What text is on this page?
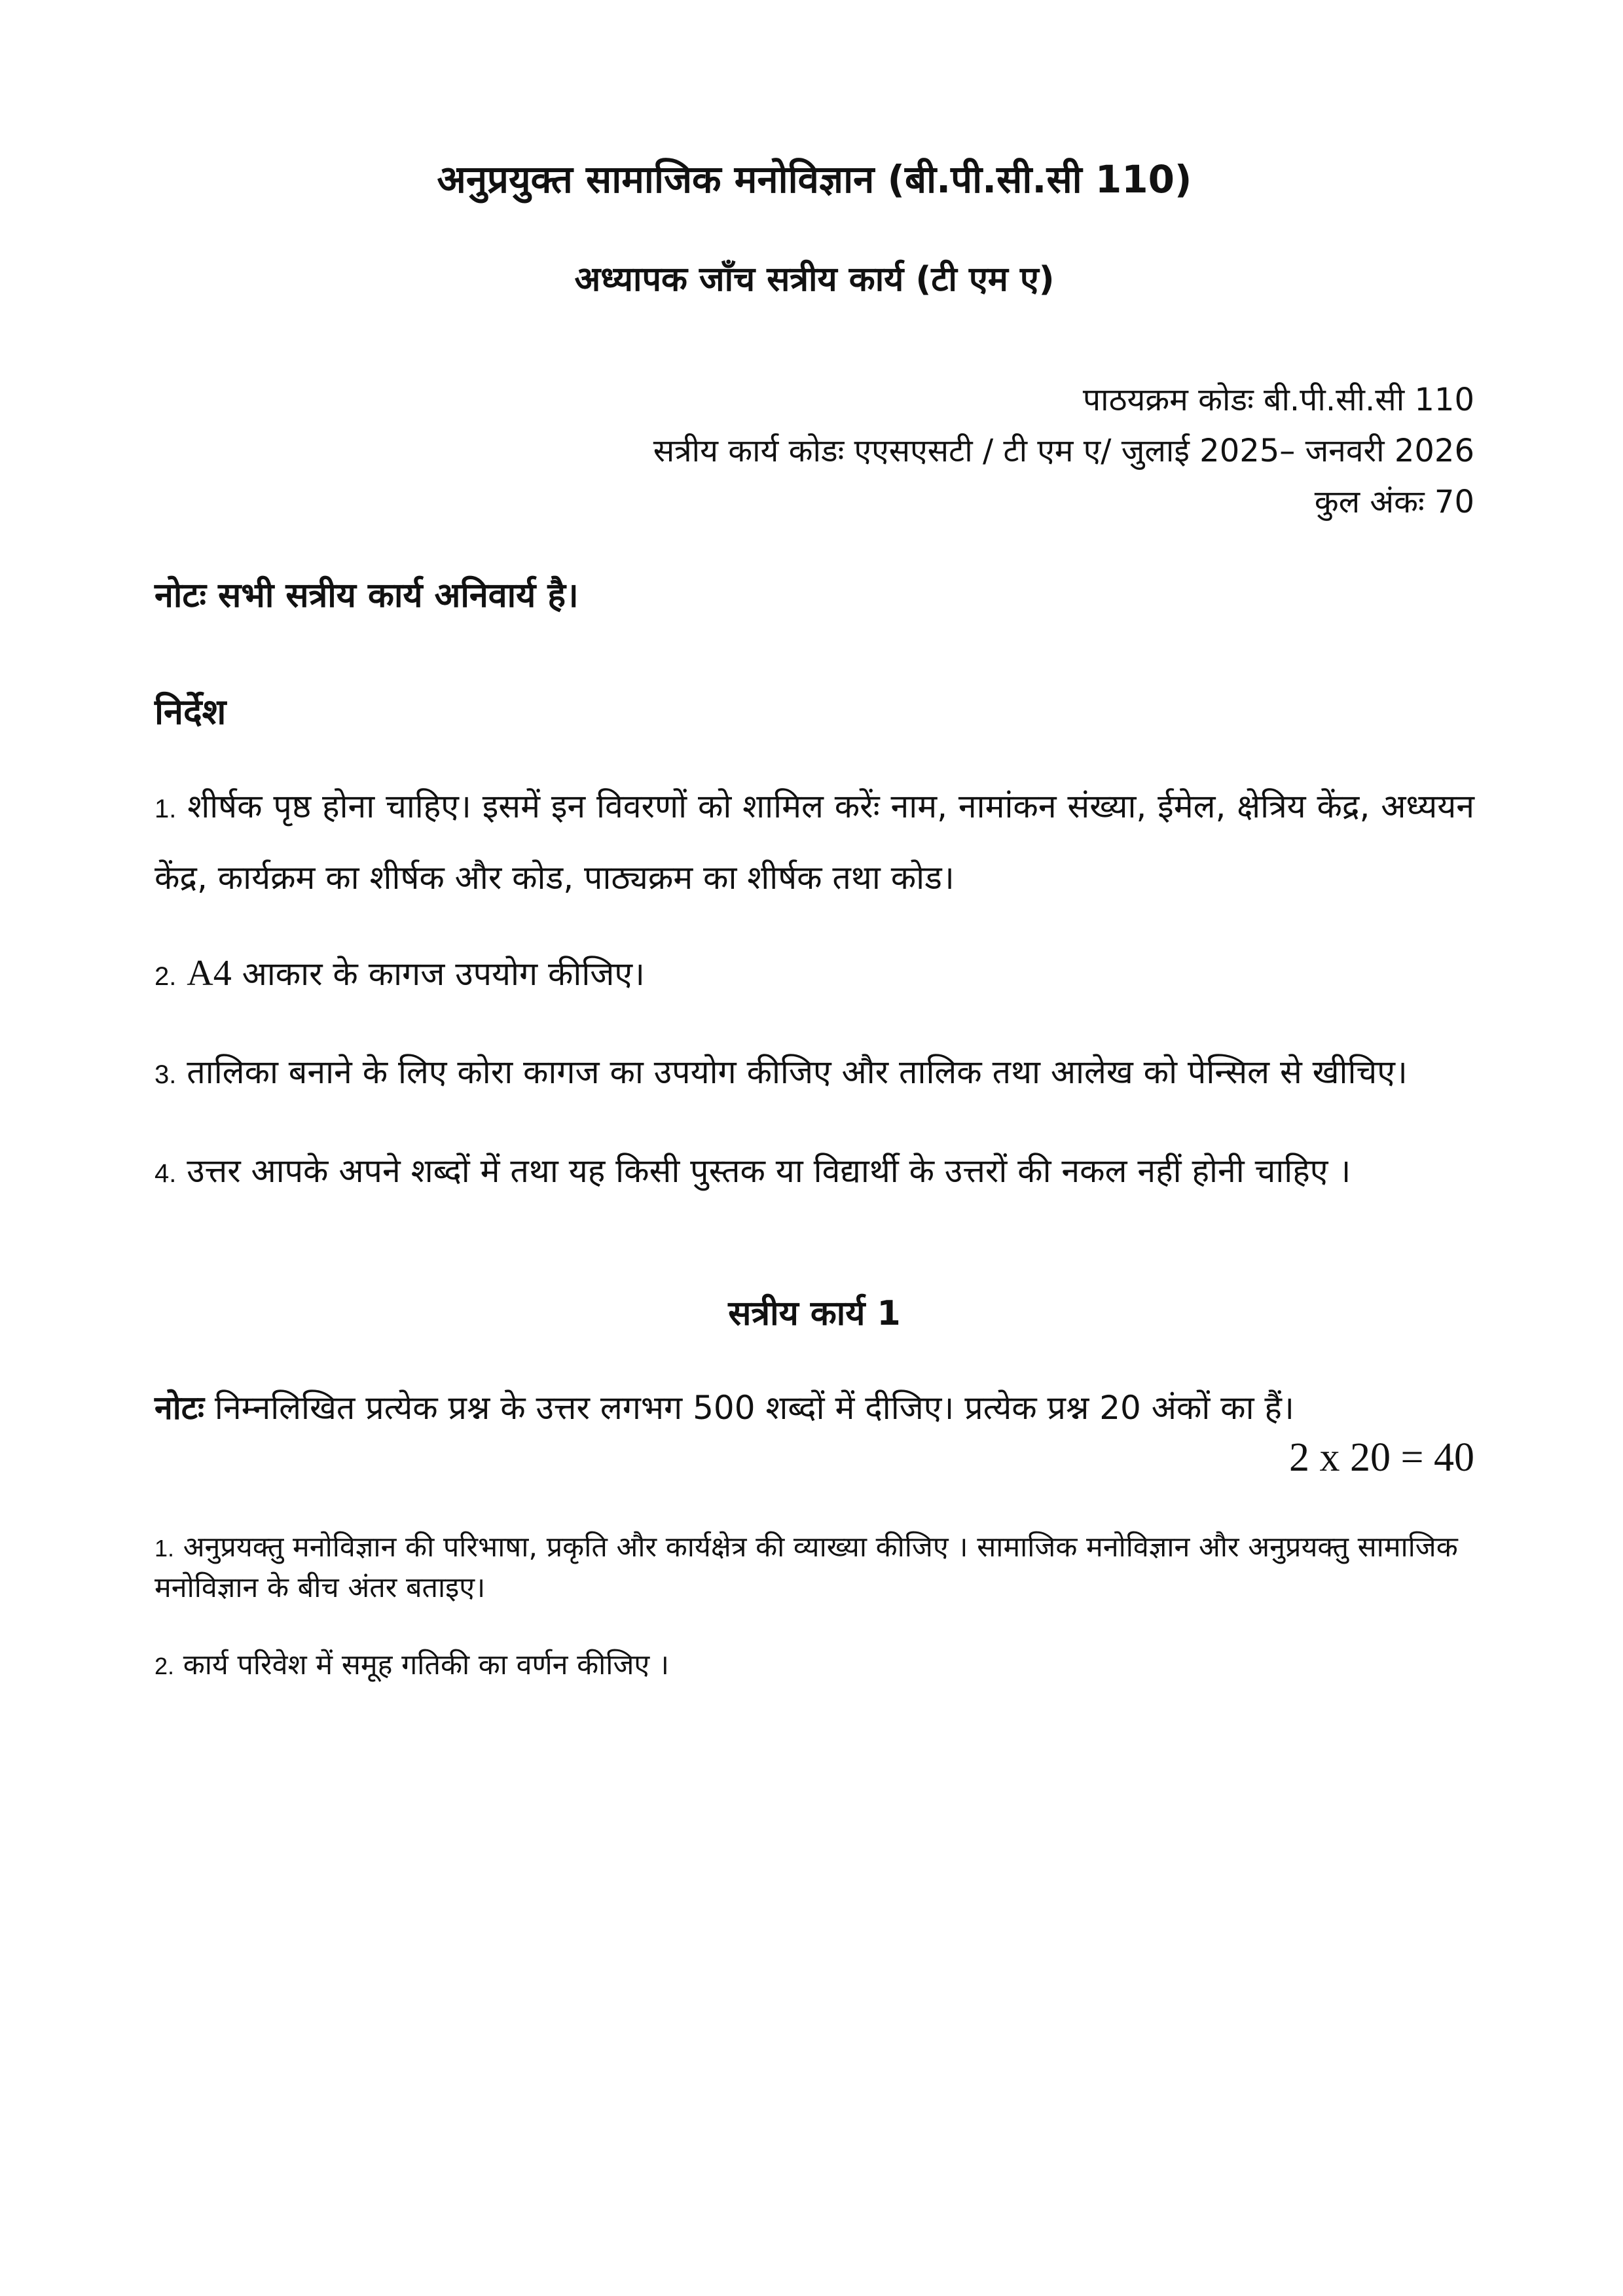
अनुप्रयुक्त सामाजिक मनोविज्ञान (बी.पी.सी.सी 110)
अध्यापक जाँच सत्रीय कार्य (टी एम ए)
पाठयक्रम कोडः बी.पी.सी.सी 110
सत्रीय कार्य कोडः एएसएसटी / टी एम ए/ जुलाई 2025– जनवरी 2026
कुल अंकः 70
नोटः सभी सत्रीय कार्य अनिवार्य है।
निर्देश
1. शीर्षक पृष्ठ होना चाहिए। इसमें इन विवरणों को शामिल करेंः नाम, नामांकन संख्या, ईमेल, क्षेत्रिय केंद्र, अध्ययन केंद्र, कार्यक्रम का शीर्षक और कोड, पाठ्यक्रम का शीर्षक तथा कोड।
2. A4 आकार के कागज उपयोग कीजिए।
3. तालिका बनाने के लिए कोरा कागज का उपयोग कीजिए और तालिक तथा आलेख को पेन्सिल से खीचिए।
4. उत्तर आपके अपने शब्दों में तथा यह किसी पुस्तक या विद्यार्थी के उत्तरों की नकल नहीं होनी चाहिए ।
सत्रीय कार्य 1
नोटः निम्नलिखित प्रत्येक प्रश्न के उत्तर लगभग 500 शब्दों में दीजिए। प्रत्येक प्रश्न 20 अंकों का हैं।
2 x 20 = 40
1. अनुप्रयक्तु मनोविज्ञान की परिभाषा, प्रकृति और कार्यक्षेत्र की व्याख्या कीजिए । सामाजिक मनोविज्ञान और अनुप्रयक्तु सामाजिक मनोविज्ञान के बीच अंतर बताइए।
2. कार्य परिवेश में समूह गतिकी का वर्णन कीजिए ।
